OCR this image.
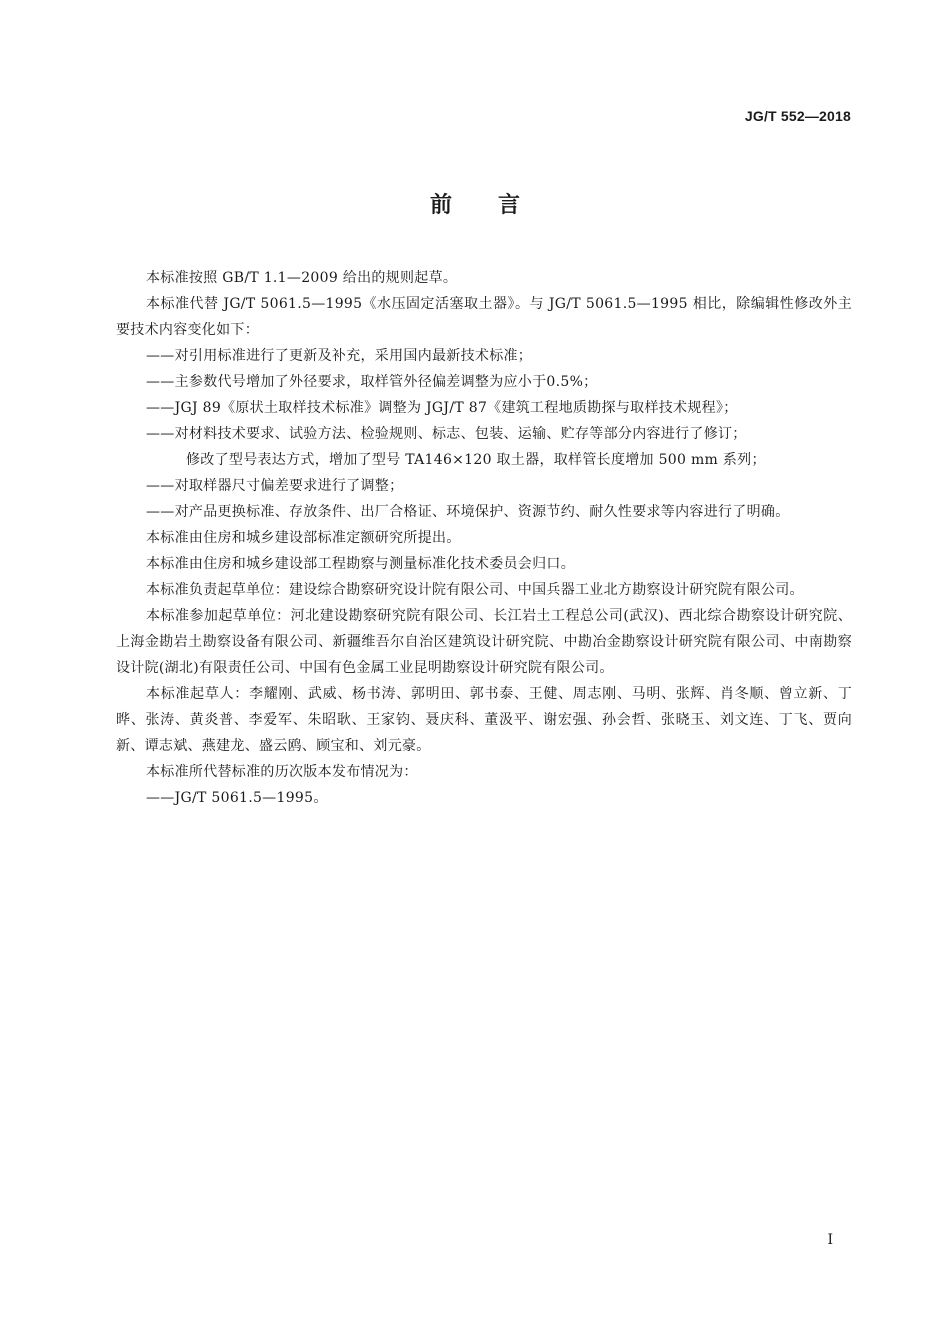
JG/T 552—2018
前言

本标准按照 GB/T 1.1—2009 给出的规则起草。

本标准代替 JG/T 5061.5—1995《水压固定活塞取土器》。与 JG/T 5061.5—1995 相比，除编辑性修改外主要技术内容变化如下：

——对引用标准进行了更新及补充，采用国内最新技术标准；

——主参数代号增加了外径要求，取样管外径偏差调整为应小于0.5%；

——JGJ 89《原状土取样技术标准》调整为 JGJ/T 87《建筑工程地质勘探与取样技术规程》；

——对材料技术要求、试验方法、检验规则、标志、包装、运输、贮存等部分内容进行了修订；

修改了型号表达方式，增加了型号 TA146×120 取土器，取样管长度增加 500 mm 系列；

——对取样器尺寸偏差要求进行了调整；

——对产品更换标准、存放条件、出厂合格证、环境保护、资源节约、耐久性要求等内容进行了明确。

本标准由住房和城乡建设部标准定额研究所提出。

本标准由住房和城乡建设部工程勘察与测量标准化技术委员会归口。

本标准负责起草单位：建设综合勘察研究设计院有限公司、中国兵器工业北方勘察设计研究院有限公司。

本标准参加起草单位：河北建设勘察研究院有限公司、长江岩土工程总公司(武汉)、西北综合勘察设计研究院、上海金勘岩土勘察设备有限公司、新疆维吾尔自治区建筑设计研究院、中勘冶金勘察设计研究院有限公司、中南勘察设计院(湖北)有限责任公司、中国有色金属工业昆明勘察设计研究院有限公司。

本标准起草人：李耀刚、武威、杨书涛、郭明田、郭书泰、王健、周志刚、马明、张辉、肖冬顺、曾立新、丁晔、张涛、黄炎普、李爱军、朱昭耿、王家钧、聂庆科、董汲平、谢宏强、孙会哲、张晓玉、刘文连、丁飞、贾向新、谭志斌、燕建龙、盛云鸥、顾宝和、刘元豪。

本标准所代替标准的历次版本发布情况为：

——JG/T 5061.5—1995。

I
